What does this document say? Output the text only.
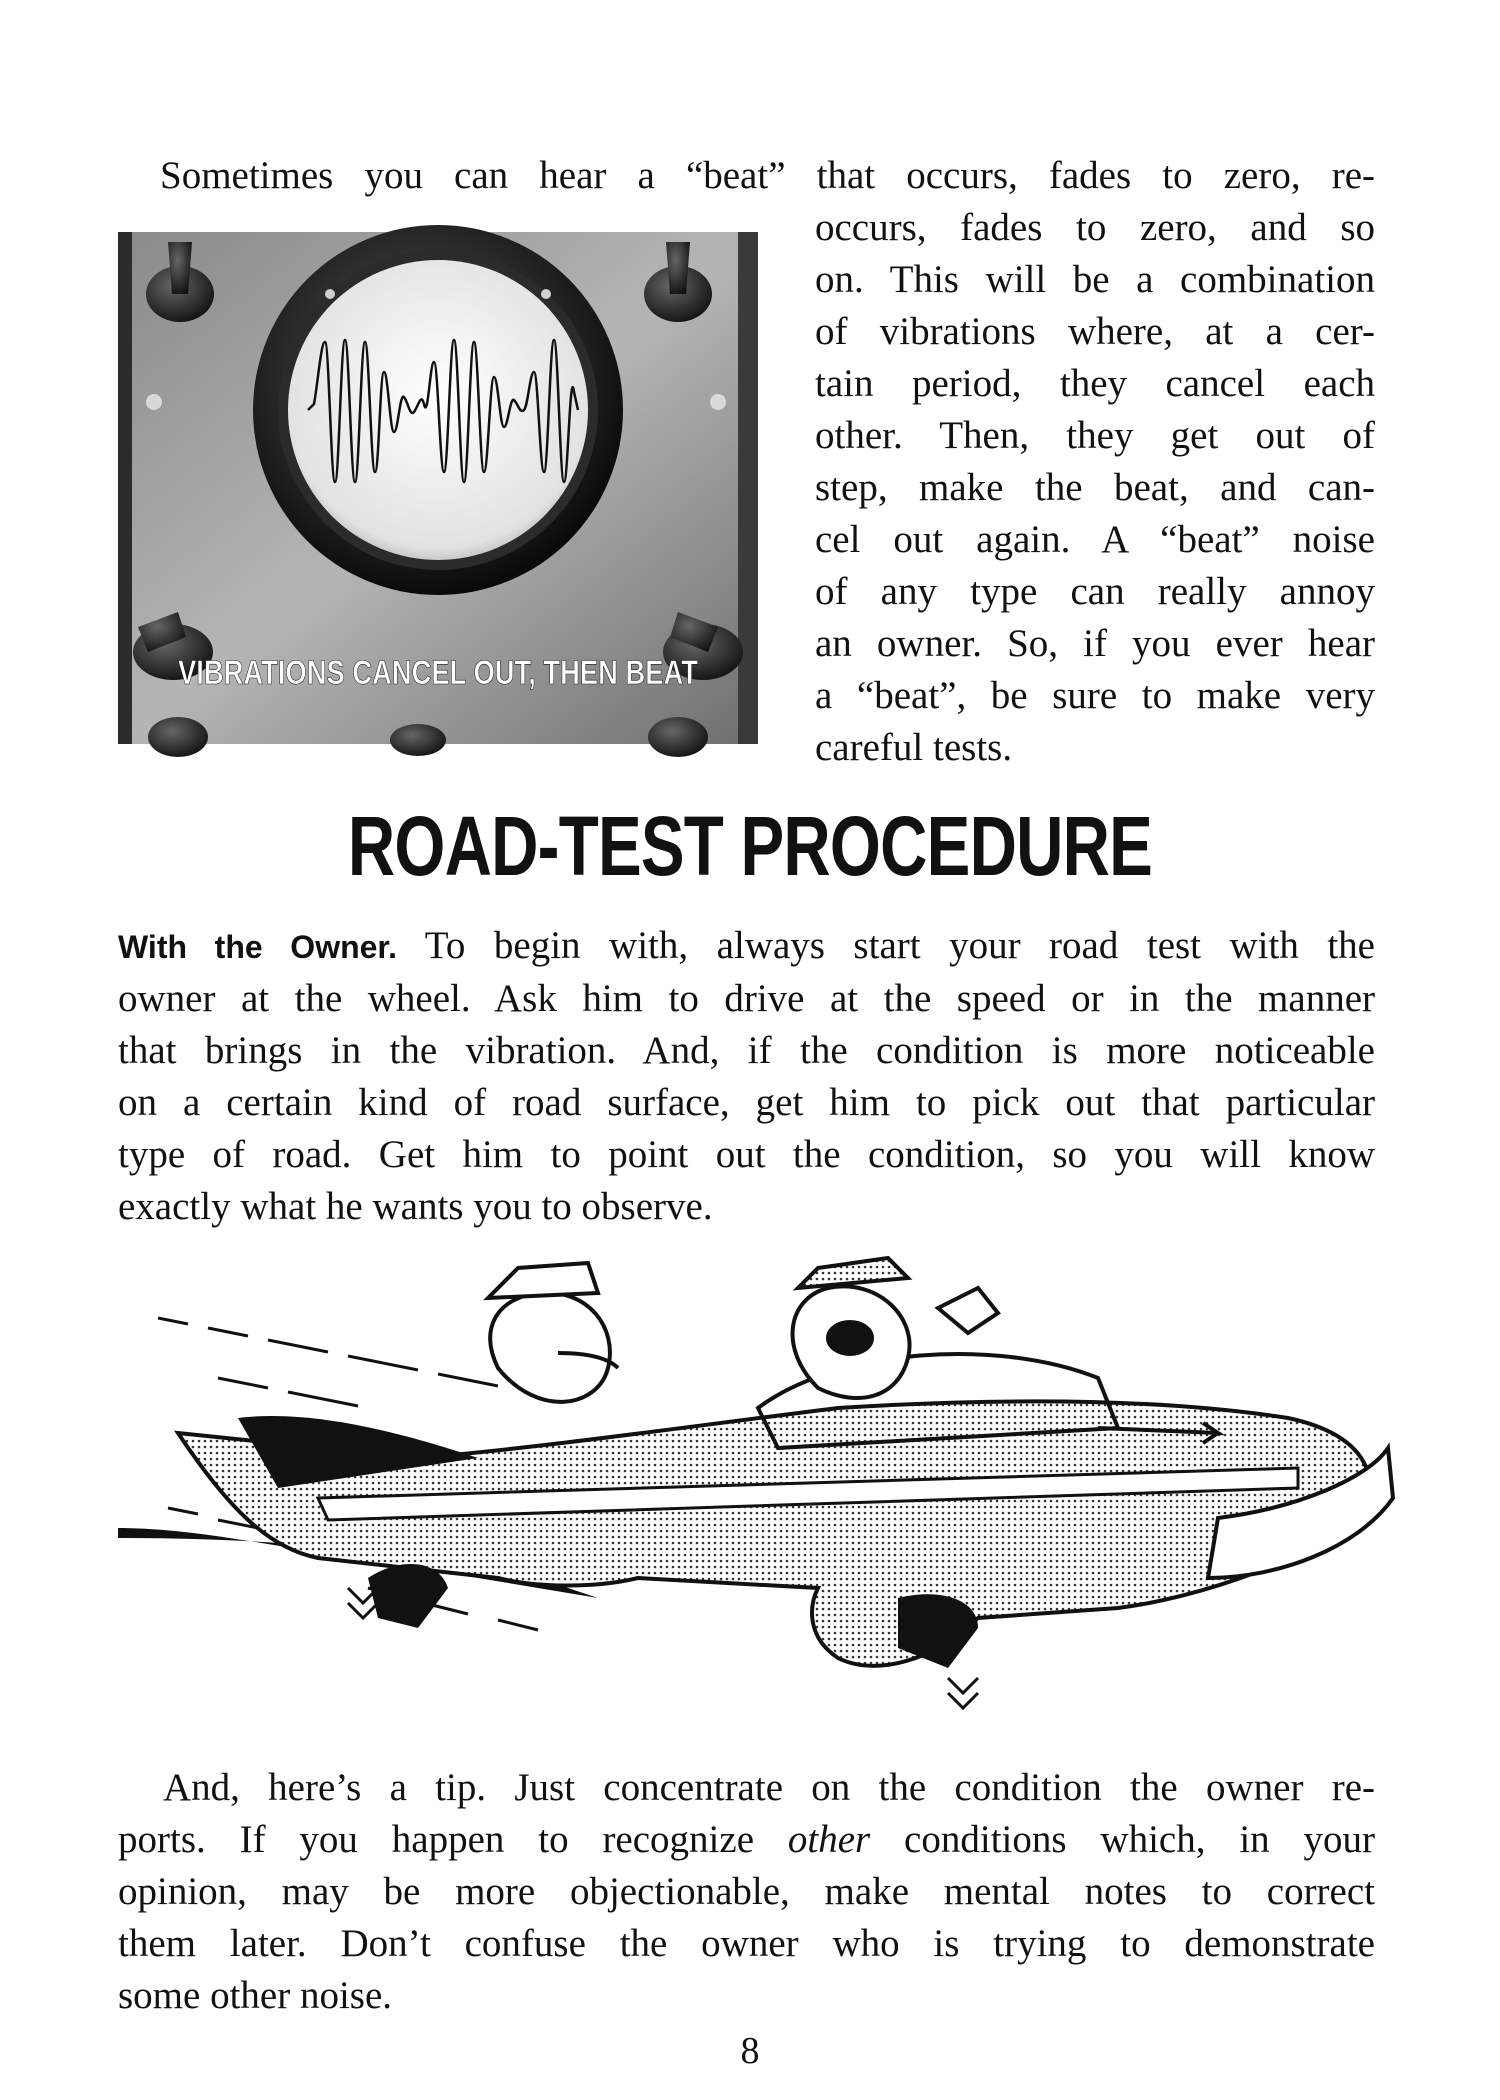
Sometimes you can hear a “beat” that occurs, fades to zero, re-
VIBRATIONS CANCEL OUT, THEN BEAT
occurs, fades to zero, and so
on. This will be a combination
of vibrations where, at a cer-
tain period, they cancel each
other. Then, they get out of
step, make the beat, and can-
cel out again. A “beat” noise
of any type can really annoy
an owner. So, if you ever hear
a “beat”, be sure to make very
careful tests.
ROAD-TEST PROCEDURE
With the Owner. To begin with, always start your road test with the
owner at the wheel. Ask him to drive at the speed or in the manner
that brings in the vibration. And, if the condition is more noticeable
on a certain kind of road surface, get him to pick out that particular
type of road. Get him to point out the condition, so you will know
exactly what he wants you to observe.
And, here’s a tip. Just concentrate on the condition the owner re-
ports. If you happen to recognize other conditions which, in your
opinion, may be more objectionable, make mental notes to correct
them later. Don’t confuse the owner who is trying to demonstrate
some other noise.
8
